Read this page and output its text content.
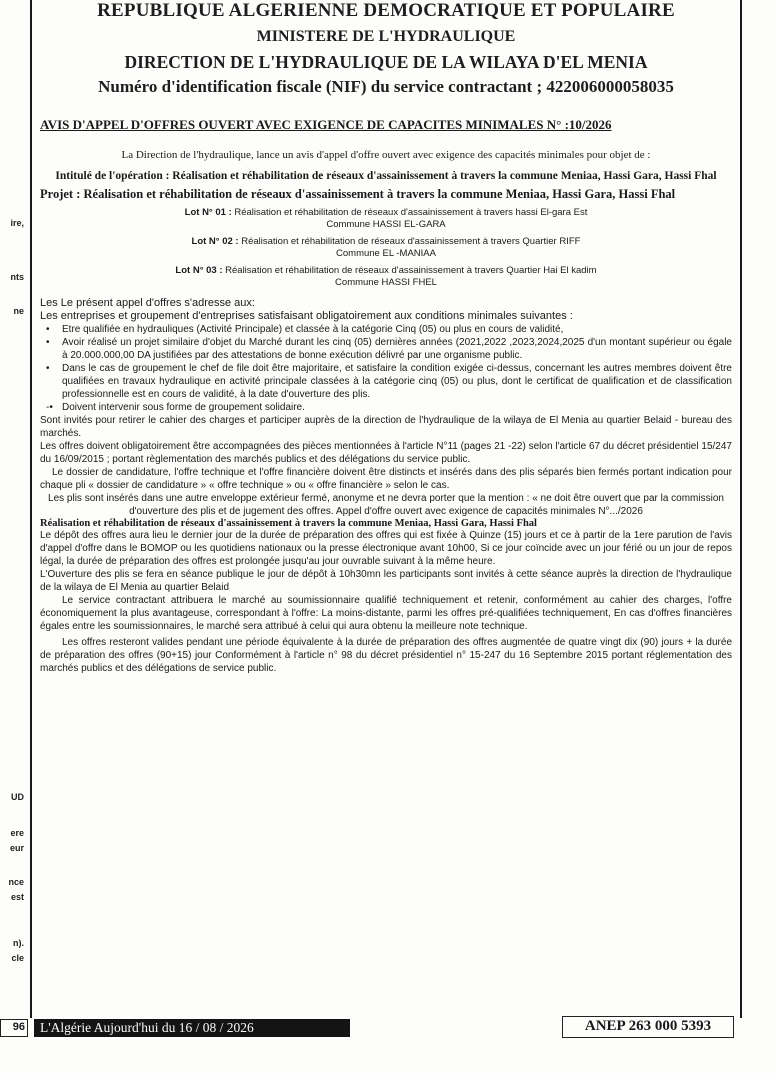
ire,
nts
ne
UD
ere
eur
nce
est
n).
cle

REPUBLIQUE ALGERIENNE DEMOCRATIQUE ET POPULAIRE

MINISTERE DE L'HYDRAULIQUE

DIRECTION DE L'HYDRAULIQUE DE LA WILAYA D'EL MENIA

Numéro d'identification fiscale (NIF) du service contractant ; 422006000058035

AVIS D'APPEL D'OFFRES OUVERT AVEC EXIGENCE DE CAPACITES MINIMALES N° :10/2026
La Direction de l'hydraulique, lance un avis d'appel d'offre ouvert avec exigence des capacités minimales pour objet de :
Intitulé de l'opération : Réalisation et réhabilitation de réseaux d'assainissement à travers la commune Meniaa, Hassi Gara, Hassi Fhal
Projet : Réalisation et réhabilitation de réseaux d'assainissement à travers la commune Meniaa, Hassi Gara, Hassi Fhal
Lot N° 01 : Réalisation et réhabilitation de réseaux d'assainissement à travers hassi El-gara Est
Commune HASSI EL-GARA
Lot N° 02 : Réalisation et réhabilitation de réseaux d'assainissement à travers Quartier RIFF
Commune EL -MANIAA
Lot N° 03 : Réalisation et réhabilitation de réseaux d'assainissement à travers Quartier Hai El kadim
Commune HASSI FHEL
Les Le présent appel d'offres s'adresse aux:
Les entreprises et groupement d'entreprises satisfaisant obligatoirement aux conditions minimales suivantes :
• Etre qualifiée en hydrauliques (Activité Principale) et classée à la catégorie Cinq (05) ou plus en cours de validité,
• Avoir réalisé un projet similaire d'objet du Marché durant les cinq (05) dernières années (2021,2022 ,2023,2024,2025 d'un montant supérieur ou égale à 20.000.000,00 DA justifiées par des attestations de bonne exécution délivré par une organisme public.
• Dans le cas de groupement le chef de file doit être majoritaire, et satisfaire la condition exigée ci-dessus, concernant les autres membres doivent être qualifiées en travaux hydraulique en activité principale classées à la catégorie cinq (05) ou plus, dont le certificat de qualification et de classification professionnelle est en cours de validité, à la date d'ouverture des plis.
-• Doivent intervenir sous forme de groupement solidaire.
Sont invités pour retirer le cahier des charges et participer auprès de la direction de l'hydraulique de la wilaya de El Menia au quartier Belaid - bureau des marchés.
Les offres doivent obligatoirement être accompagnées des pièces mentionnées à l'article N°11 (pages 21 -22) selon l'article 67 du décret présidentiel 15/247 du 16/09/2015 ; portant règlementation des marchés publics et des délégations du service public.
Le dossier de candidature, l'offre technique et l'offre financière doivent être distincts et insérés dans des plis séparés bien fermés portant indication pour chaque pli « dossier de candidature » « offre technique » ou « offre financière » selon le cas.
Les plis sont insérés dans une autre enveloppe extérieur fermé, anonyme et ne devra porter que la mention : « ne doit être ouvert que par la commission d'ouverture des plis et de jugement des offres. Appel d'offre ouvert avec exigence de capacités minimales N°.../2026
Réalisation et réhabilitation de réseaux d'assainissement à travers la commune Meniaa, Hassi Gara, Hassi Fhal
Le dépôt des offres aura lieu le dernier jour de la durée de préparation des offres qui est fixée à Quinze (15) jours et ce à partir de la 1ere parution de l'avis d'appel d'offre dans le BOMOP ou les quotidiens nationaux ou la presse électronique avant 10h00, Si ce jour coïncide avec un jour férié ou un jour de repos légal, la durée de préparation des offres est prolongée jusqu'au jour ouvrable suivant à la même heure.
L'Ouverture des plis se fera en séance publique le jour de dépôt à 10h30mn les participants sont invités à cette séance auprès la direction de l'hydraulique de la wilaya de El Menia au quartier Belaid
Le service contractant attribuera le marché au soumissionnaire qualifié techniquement et retenir, conformément au cahier des charges, l'offre économiquement la plus avantageuse, correspondant à l'offre: La moins-distante, parmi les offres pré-qualifiées techniquement, En cas d'offres financières égales entre les soumissionnaires, le marché sera attribué à celui qui aura obtenu la meilleure note technique.
Les offres resteront valides pendant une période équivalente à la durée de préparation des offres augmentée de quatre vingt dix (90) jours + la durée de préparation des offres (90+15) jour Conformément à l'article n° 98 du décret présidentiel n° 15-247 du 16 Septembre 2015 portant réglementation des marchés publics et des délégations de service public.
96	L'Algérie Aujourd'hui du 16 / 08 / 2026	ANEP 263 000 5393
